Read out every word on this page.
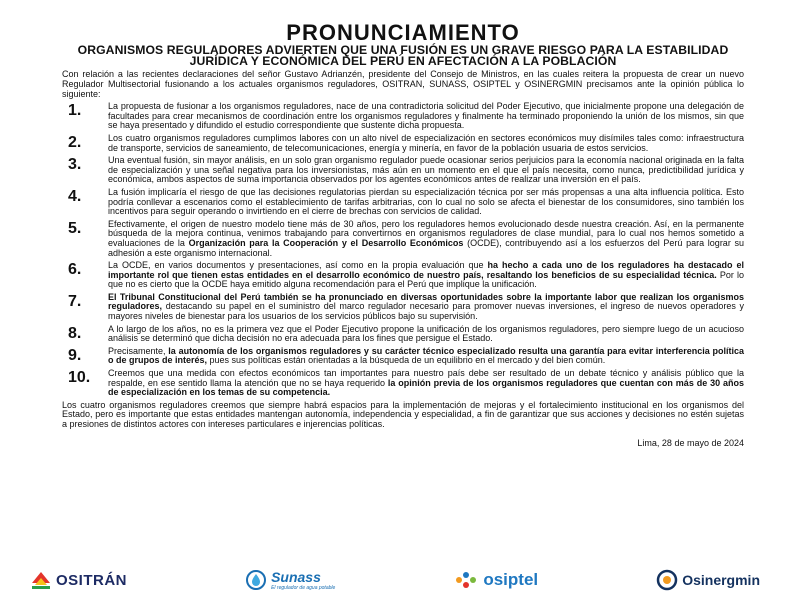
PRONUNCIAMIENTO
ORGANISMOS REGULADORES ADVIERTEN QUE UNA FUSIÓN ES UN GRAVE RIESGO PARA LA ESTABILIDAD JURÍDICA Y ECONÓMICA DEL PERÚ EN AFECTACIÓN A LA POBLACIÓN

Con relación a las recientes declaraciones del señor Gustavo Adrianzén, presidente del Consejo de Ministros, en las cuales reitera la propuesta de crear un nuevo Regulador Multisectorial fusionando a los actuales organismos reguladores, OSITRAN, SUNASS, OSIPTEL y OSINERGMIN precisamos ante la opinión pública lo siguiente:

1.	La propuesta de fusionar a los organismos reguladores, nace de una contradictoria solicitud del Poder Ejecutivo, que inicialmente propone una delegación de facultades para crear mecanismos de coordinación entre los organismos reguladores y finalmente ha terminado proponiendo la unión de los mismos, sin que se haya presentado y difundido el estudio correspondiente que sustente dicha propuesta.

2.	Los cuatro organismos reguladores cumplimos labores con un alto nivel de especialización en sectores económicos muy disímiles tales como: infraestructura de transporte, servicios de saneamiento, de telecomunicaciones, energía y minería, en favor de la población usuaria de estos servicios.

3.	Una eventual fusión, sin mayor análisis, en un solo gran organismo regulador puede ocasionar serios perjuicios para la economía nacional originada en la falta de especialización y una señal negativa para los inversionistas, más aún en un momento en el que el país necesita, como nunca, predictibilidad jurídica y económica, ambos aspectos de suma importancia observados por los agentes económicos antes de realizar una inversión en el país.

4.	La fusión implicaría el riesgo de que las decisiones regulatorias pierdan su especialización técnica por ser más propensas a una alta influencia política. Esto podría conllevar a escenarios como el establecimiento de tarifas arbitrarias, con lo cual no solo se afecta el bienestar de los consumidores, sino también los incentivos para seguir operando o invirtiendo en el cierre de brechas con servicios de calidad.

5.	Efectivamente, el origen de nuestro modelo tiene más de 30 años, pero los reguladores hemos evolucionado desde nuestra creación. Así, en la permanente búsqueda de la mejora continua, venimos trabajando para convertirnos en organismos reguladores de clase mundial, para lo cual nos hemos sometido a evaluaciones de la Organización para la Cooperación y el Desarrollo Económicos (OCDE), contribuyendo así a los esfuerzos del Perú para lograr su adhesión a este organismo internacional.

6.	La OCDE, en varios documentos y presentaciones, así como en la propia evaluación que ha hecho a cada uno de los reguladores ha destacado el importante rol que tienen estas entidades en el desarrollo económico de nuestro país, resaltando los beneficios de su especialidad técnica. Por lo que no es cierto que la OCDE haya emitido alguna recomendación para el Perú que implique la unificación.

7.	El Tribunal Constitucional del Perú también se ha pronunciado en diversas oportunidades sobre la importante labor que realizan los organismos reguladores, destacando su papel en el suministro del marco regulador necesario para promover nuevas inversiones, el ingreso de nuevos operadores y mayores niveles de bienestar para los usuarios de los servicios públicos bajo su supervisión.

8.	A lo largo de los años, no es la primera vez que el Poder Ejecutivo propone la unificación de los organismos reguladores, pero siempre luego de un acucioso análisis se determinó que dicha decisión no era adecuada para los fines que persigue el Estado.

9.	Precisamente, la autonomía de los organismos reguladores y su carácter técnico especializado resulta una garantía para evitar interferencia política o de grupos de interés, pues sus políticas están orientadas a la búsqueda de un equilibrio en el mercado y del bien común.

10.	Creemos que una medida con efectos económicos tan importantes para nuestro país debe ser resultado de un debate técnico y análisis público que la respalde, en ese sentido llama la atención que no se haya requerido la opinión previa de los organismos reguladores que cuentan con más de 30 años de especialización en los temas de su competencia.

Los cuatro organismos reguladores creemos que siempre habrá espacios para la implementación de mejoras y el fortalecimiento institucional en los organismos del Estado, pero es importante que estas entidades mantengan autonomía, independencia y especialidad, a fin de garantizar que sus acciones y decisiones no estén sujetas a presiones de distintos actores con intereses particulares e injerencias políticas.

Lima, 28 de mayo de 2024
OSITRÁN	Sunass
El regulador de agua potable	osiptel	Osinergmin
